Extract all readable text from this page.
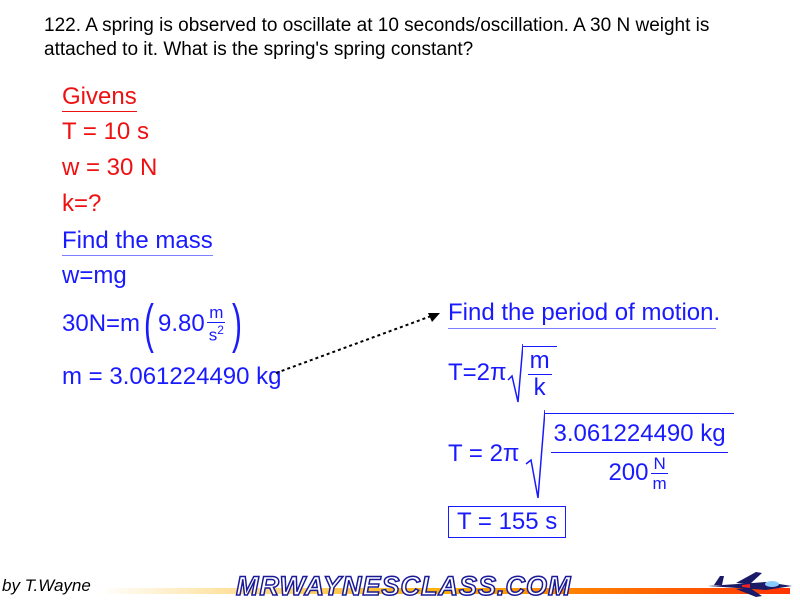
122. A spring is observed to oscillate at 10 seconds/oscillation. A 30 N weight is attached to it. What is the spring's spring constant?
Givens
T = 10 s
w = 30 N
k=?
Find the mass
w=mg
30N=m ( $9.80 \frac{m}{s^2}$ )
m = 3.061224490 kg
Find the period of motion.
$T=2\pi \frac{m}{k}$
$T = 2\pi \frac{3.061224490 kg}{200 \frac{N}{m}}$
T = 155 s
by T.Wayne	MRWAYNESCLASS.COM
